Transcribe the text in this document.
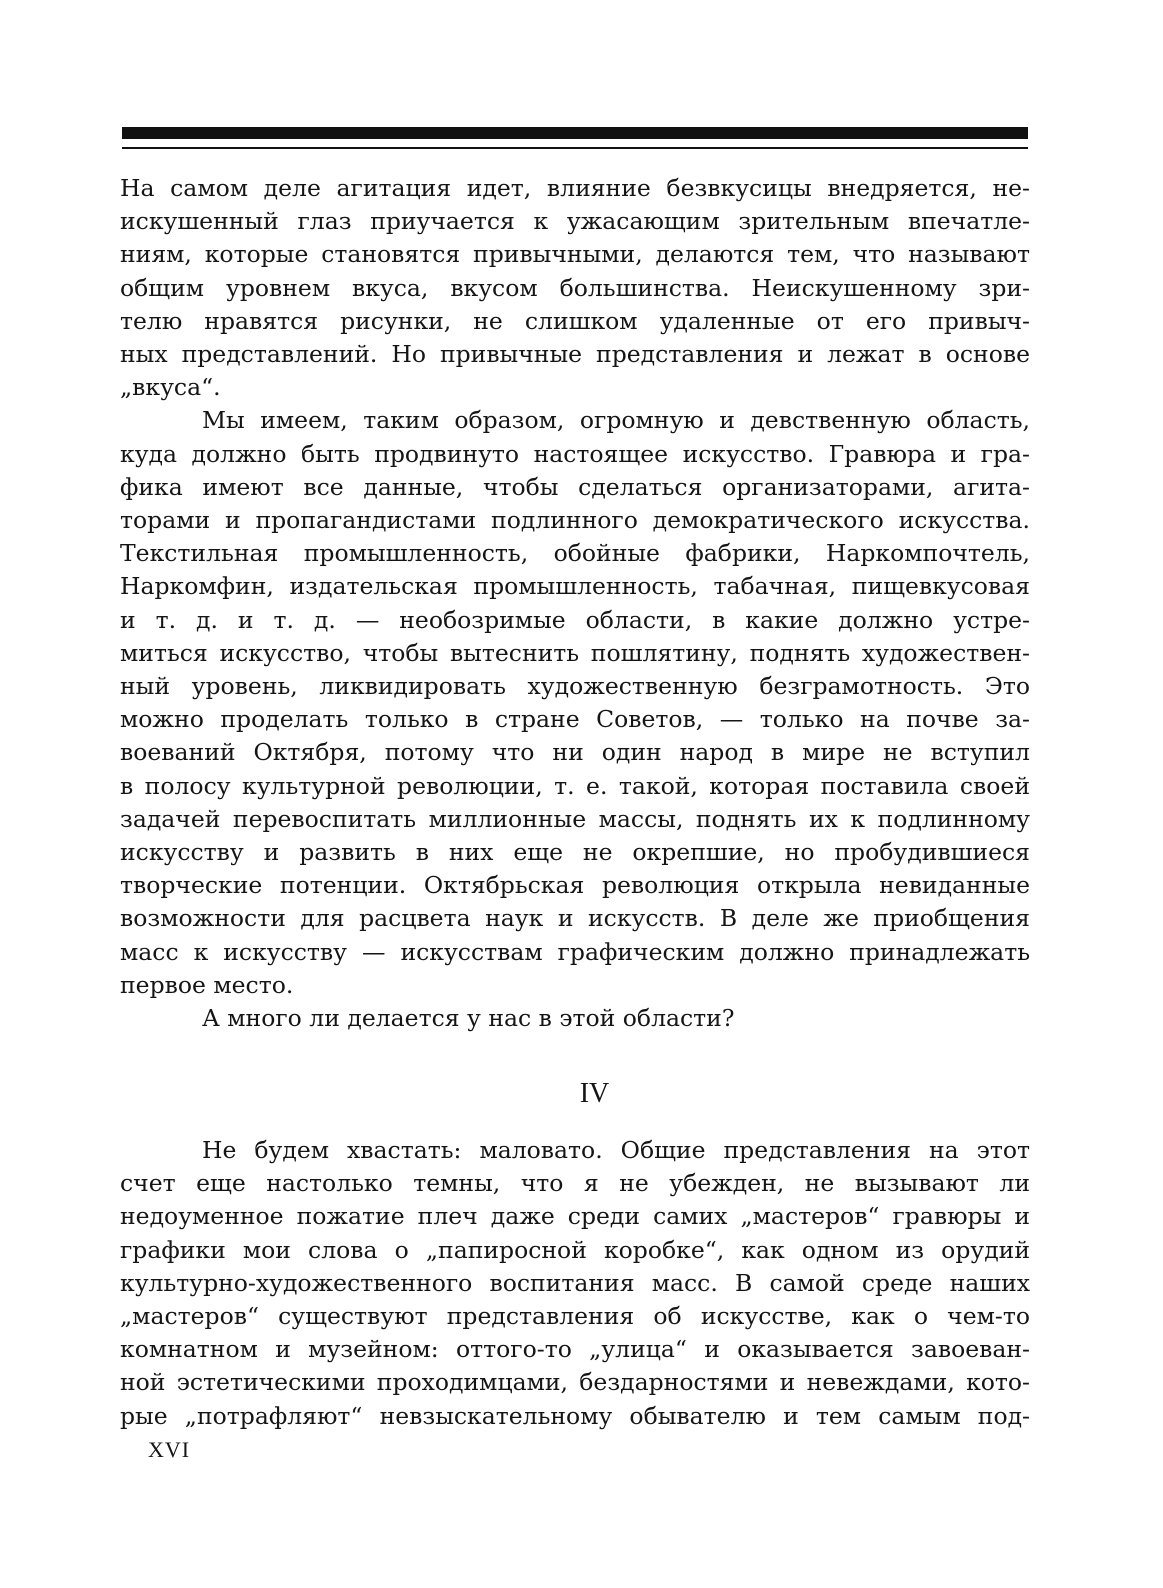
На самом деле агитация идет, влияние безвкусицы внедряется, не-
искушенный глаз приучается к ужасающим зрительным впечатле-
ниям, которые становятся привычными, делаются тем, что называют
общим уровнем вкуса, вкусом большинства. Неискушенному зри-
телю нравятся рисунки, не слишком удаленные от его привыч-
ных представлений. Но привычные представления и лежат в основе
„вкуса“.

Мы имеем, таким образом, огромную и девственную область,
куда должно быть продвинуто настоящее искусство. Гравюра и гра-
фика имеют все данные, чтобы сделаться организаторами, агита-
торами и пропагандистами подлинного демократического искусства.
Текстильная промышленность, обойные фабрики, Наркомпочтель,
Наркомфин, издательская промышленность, табачная, пищевкусовая
и т. д. и т. д. — необозримые области, в какие должно устре-
миться искусство, чтобы вытеснить пошлятину, поднять художествен-
ный уровень, ликвидировать художественную безграмотность. Это
можно проделать только в стране Советов, — только на почве за-
воеваний Октября, потому что ни один народ в мире не вступил
в полосу культурной революции, т. е. такой, которая поставила своей
задачей перевоспитать миллионные массы, поднять их к подлинному
искусству и развить в них еще не окрепшие, но пробудившиеся
творческие потенции. Октябрьская революция открыла невиданные
возможности для расцвета наук и искусств. В деле же приобщения
масс к искусству — искусствам графическим должно принадлежать
первое место.

А много ли делается у нас в этой области?

IV

Не будем хвастать: маловато. Общие представления на этот
счет еще настолько темны, что я не убежден, не вызывают ли
недоуменное пожатие плеч даже среди самих „мастеров“ гравюры и
графики мои слова о „папиросной коробке“, как одном из орудий
культурно-художественного воспитания масс. В самой среде наших
„мастеров“ существуют представления об искусстве, как о чем-то
комнатном и музейном: оттого-то „улица“ и оказывается завоеван-
ной эстетическими проходимцами, бездарностями и невеждами, кото-
рые „потрафляют“ невзыскательному обывателю и тем самым под-

XVI
